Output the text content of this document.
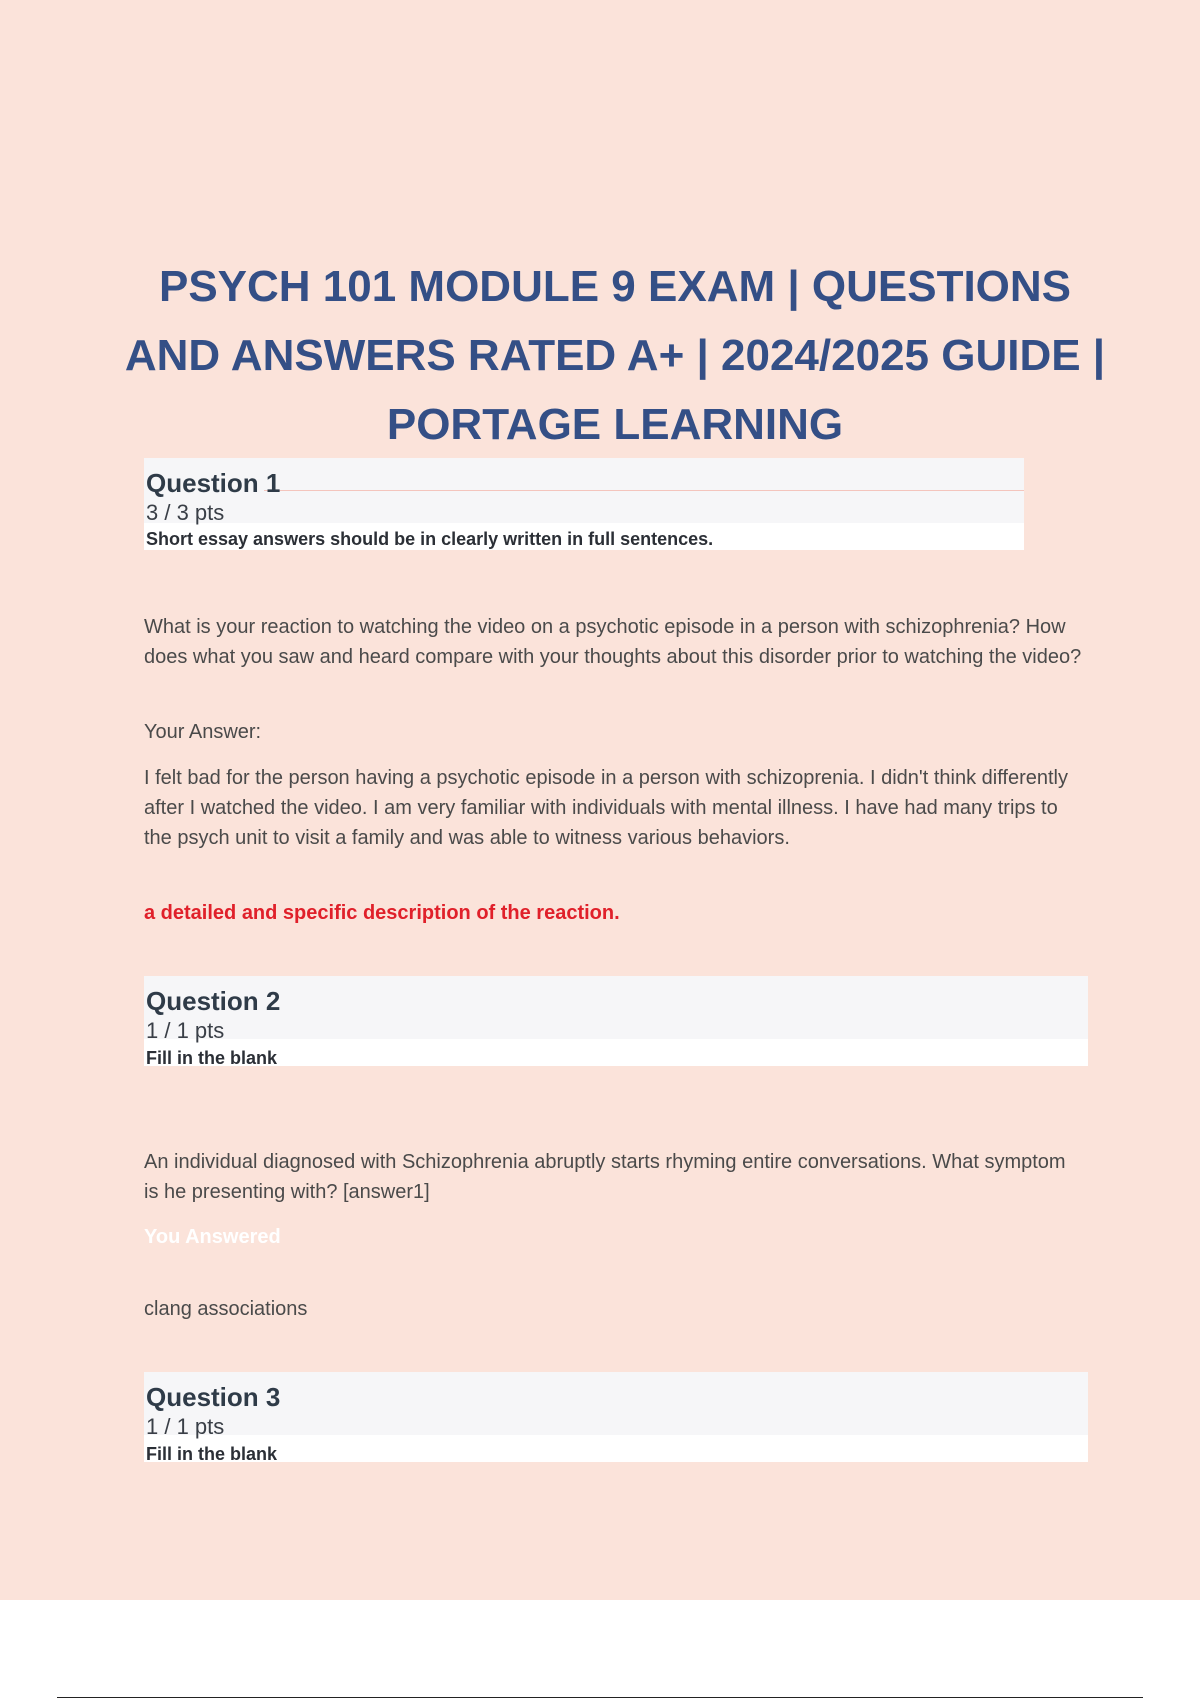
PSYCH 101 MODULE 9 EXAM | QUESTIONS AND ANSWERS RATED A+ | 2024/2025 GUIDE | PORTAGE LEARNING
Question 1
3 / 3 pts
Short essay answers should be in clearly written in full sentences.

What is your reaction to watching the video on a psychotic episode in a person with schizophrenia? How does what you saw and heard compare with your thoughts about this disorder prior to watching the video?

Your Answer:

I felt bad for the person having a psychotic episode in a person with schizoprenia. I didn't think differently after I watched the video. I am very familiar with individuals with mental illness. I have had many trips to the psych unit to visit a family and was able to witness various behaviors.

a detailed and specific description of the reaction.

Question 2
1 / 1 pts
Fill in the blank

An individual diagnosed with Schizophrenia abruptly starts rhyming entire conversations. What symptom is he presenting with? [answer1]

You Answered

clang associations

Question 3
1 / 1 pts
Fill in the blank
